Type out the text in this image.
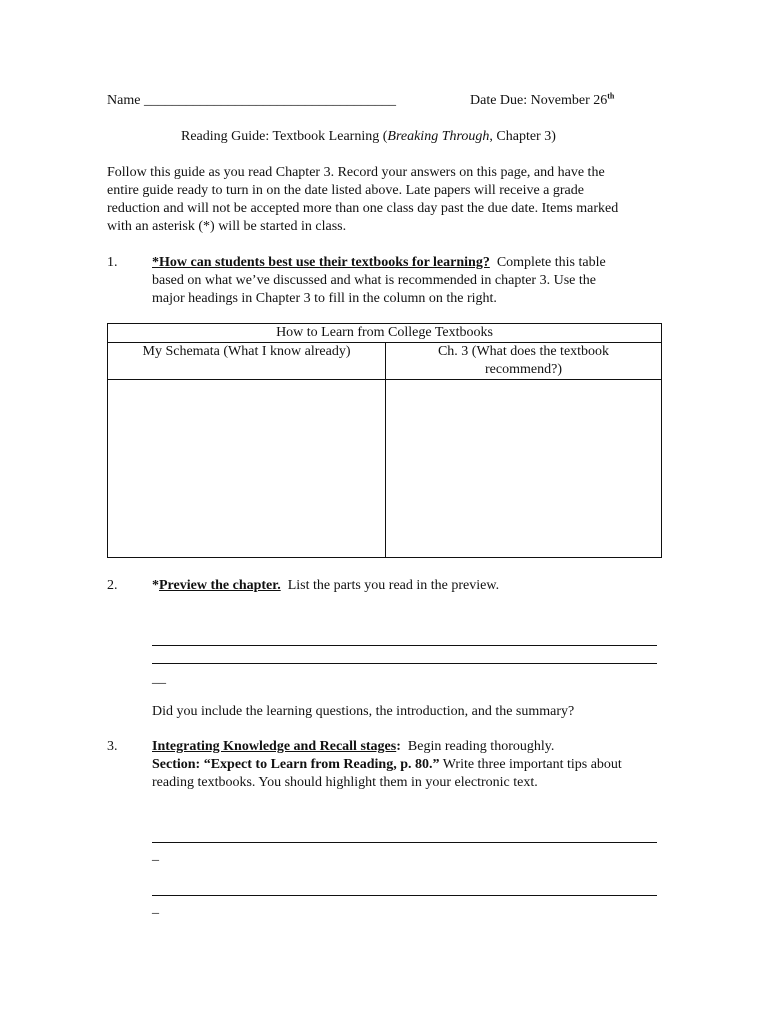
Name ____________________________________	Date Due: November 26th
Reading Guide: Textbook Learning (Breaking Through, Chapter 3)
Follow this guide as you read Chapter 3. Record your answers on this page, and have the
entire guide ready to turn in on the date listed above. Late papers will receive a grade
reduction and will not be accepted more than one class day past the due date. Items marked
with an asterisk (*) will be started in class.
1. *How can students best use their textbooks for learning? Complete this table
based on what we’ve discussed and what is recommended in chapter 3. Use the
major headings in Chapter 3 to fill in the column on the right.
How to Learn from College Textbooks	
My Schemata (What I know already)	Ch. 3 (What does the textbook
recommend?)

2. *Preview the chapter. List the parts you read in the preview.
__
Did you include the learning questions, the introduction, and the summary?
3. Integrating Knowledge and Recall stages: Begin reading thoroughly.
Section: “Expect to Learn from Reading, p. 80.” Write three important tips about
reading textbooks. You should highlight them in your electronic text.
_
_
